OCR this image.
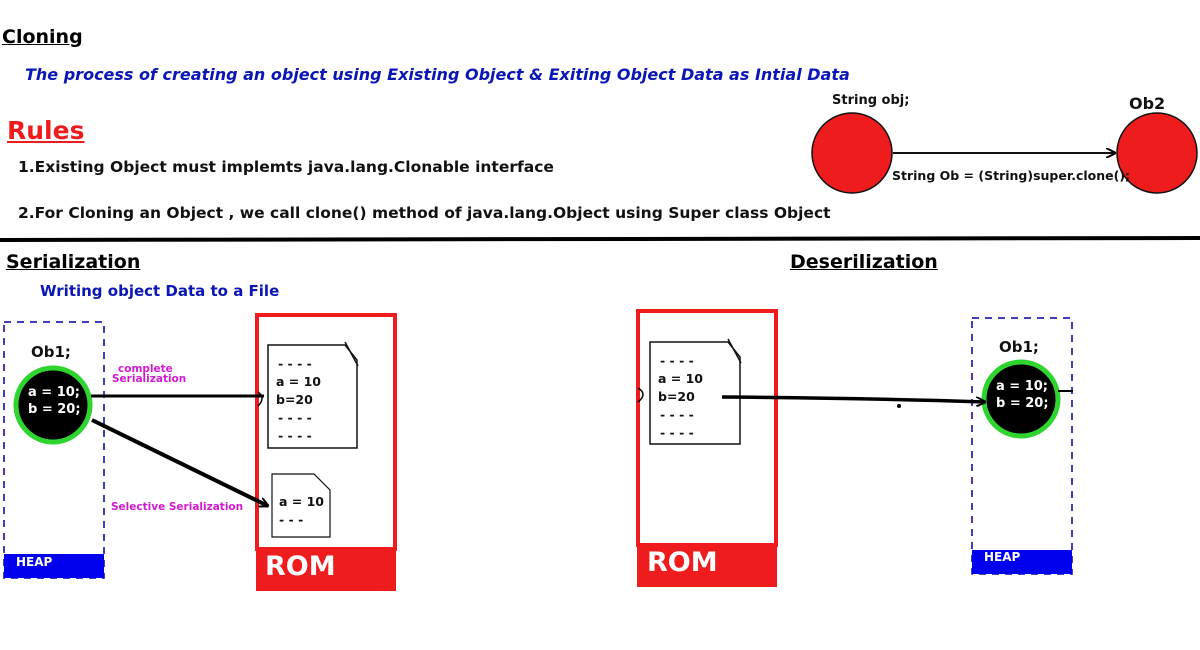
Cloning
The process of creating an object using Existing Object & Exiting Object Data as Intial Data
Rules
1.Existing Object must implemts java.lang.Clonable interface
2.For Cloning an Object , we call clone() method of java.lang.Object using Super class Object
String obj;	Ob2
String Ob = (String)super.clone();
Serialization
Writing object Data to a File
Ob1;
a = 10;
b = 20;
HEAP
complete
Serialization
Selective Serialization
- - - -
a = 10
b=20
- - - -
- - - -
a = 10
- - -
ROM
Deserilization
- - - -
a = 10
b=20
- - - -
- - - -
ROM
Ob1;
a = 10;
b = 20;
HEAP
